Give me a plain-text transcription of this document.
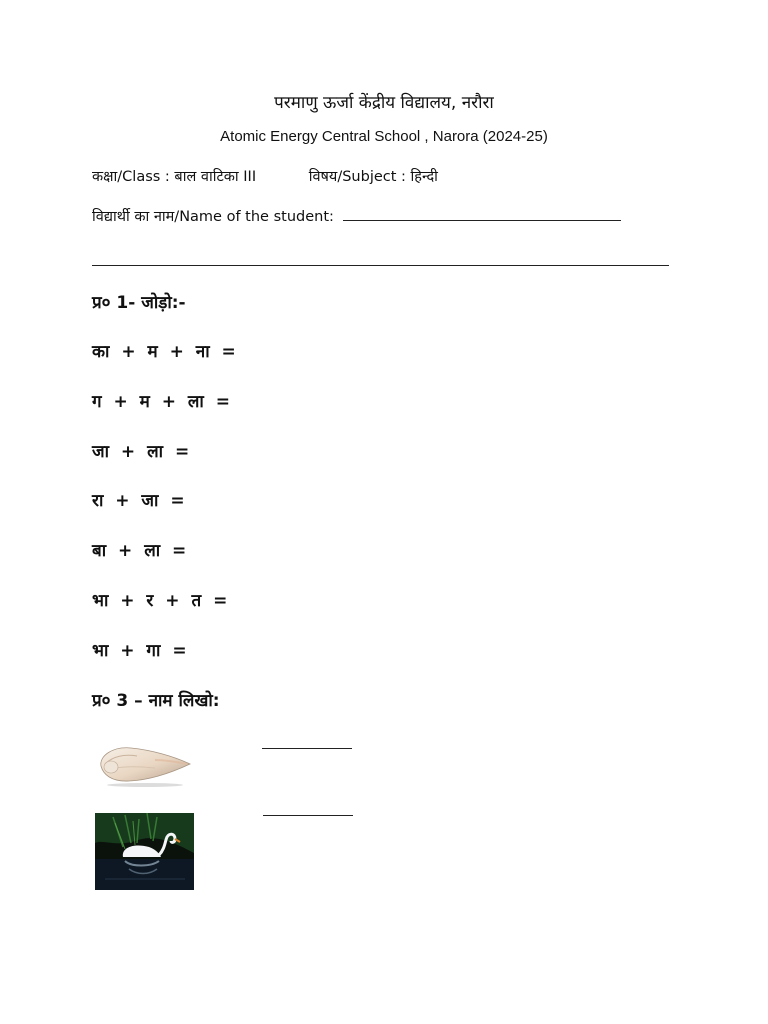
परमाणु ऊर्जा केंद्रीय विद्यालय, नरौरा
Atomic Energy Central School , Narora (2024-25)
कक्षा/Class : बाल वाटिका III	विषय/Subject : हिन्दी
विद्यार्थी का नाम/Name of the student:
प्र० 1- जोड़ो:-
का + म + ना =
ग + म + ला =
जा + ला =
रा + जा =
बा + ला =
भा + र + त =
भा + गा =
प्र० 3 – नाम लिखो:
